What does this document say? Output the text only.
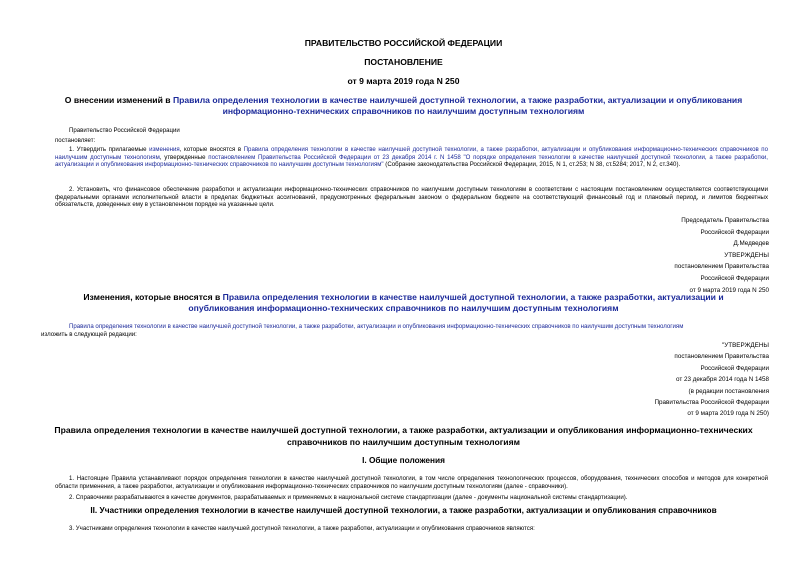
ПРАВИТЕЛЬСТВО РОССИЙСКОЙ ФЕДЕРАЦИИ
ПОСТАНОВЛЕНИЕ
от 9 марта 2019 года N 250
О внесении изменений в Правила определения технологии в качестве наилучшей доступной технологии, а также разработки, актуализации и опубликования
информационно-технических справочников по наилучшим доступным технологиям
Правительство Российской Федерации
постановляет:
1. Утвердить прилагаемые изменения, которые вносятся в Правила определения технологии в качестве наилучшей доступной технологии, а также разработки, актуализации и опубликования информационно-технических справочников по наилучшим доступным технологиям, утвержденные постановлением Правительства Российской Федерации от 23 декабря 2014 г. N 1458 "О порядке определения технологии в качестве наилучшей доступной технологии, а также разработки, актуализации и опубликования информационно-технических справочников по наилучшим доступным технологиям" (Собрание законодательства Российской Федерации, 2015, N 1, ст.253; N 38, ст.5284; 2017, N 2, ст.340).
2. Установить, что финансовое обеспечение разработки и актуализации информационно-технических справочников по наилучшим доступным технологиям в соответствии с настоящим постановлением осуществляется соответствующими федеральными органами исполнительной власти в пределах бюджетных ассигнований, предусмотренных федеральным законом о федеральном бюджете на соответствующий финансовый год и плановый период, и лимитов бюджетных обязательств, доведенных ему в установленном порядке на указанные цели.
Председатель Правительства
Российской Федерации
Д.Медведев
УТВЕРЖДЕНЫ
постановлением Правительства
Российской Федерации
от 9 марта 2019 года N 250
Изменения, которые вносятся в Правила определения технологии в качестве наилучшей доступной технологии, а также разработки, актуализации и
опубликования информационно-технических справочников по наилучшим доступным технологиям
Правила определения технологии в качестве наилучшей доступной технологии, а также разработки, актуализации и опубликования информационно-технических справочников по наилучшим доступным технологиям
изложить в следующей редакции:
"УТВЕРЖДЕНЫ
постановлением Правительства
Российской Федерации
от 23 декабря 2014 года N 1458
(в редакции постановления
Правительства Российской Федерации
от 9 марта 2019 года N 250)
Правила определения технологии в качестве наилучшей доступной технологии, а также разработки, актуализации и опубликования информационно-технических
справочников по наилучшим доступным технологиям
I. Общие положения
1. Настоящие Правила устанавливают порядок определения технологии в качестве наилучшей доступной технологии, в том числе определения технологических процессов, оборудования, технических способов и методов для конкретной области применения, а также разработки, актуализации и опубликования информационно-технических справочников по наилучшим доступным технологиям (далее - справочники).
2. Справочники разрабатываются в качестве документов, разрабатываемых и применяемых в национальной системе стандартизации (далее - документы национальной системы стандартизации).
II. Участники определения технологии в качестве наилучшей доступной технологии, а также разработки, актуализации и опубликования справочников
3. Участниками определения технологии в качестве наилучшей доступной технологии, а также разработки, актуализации и опубликования справочников являются:
